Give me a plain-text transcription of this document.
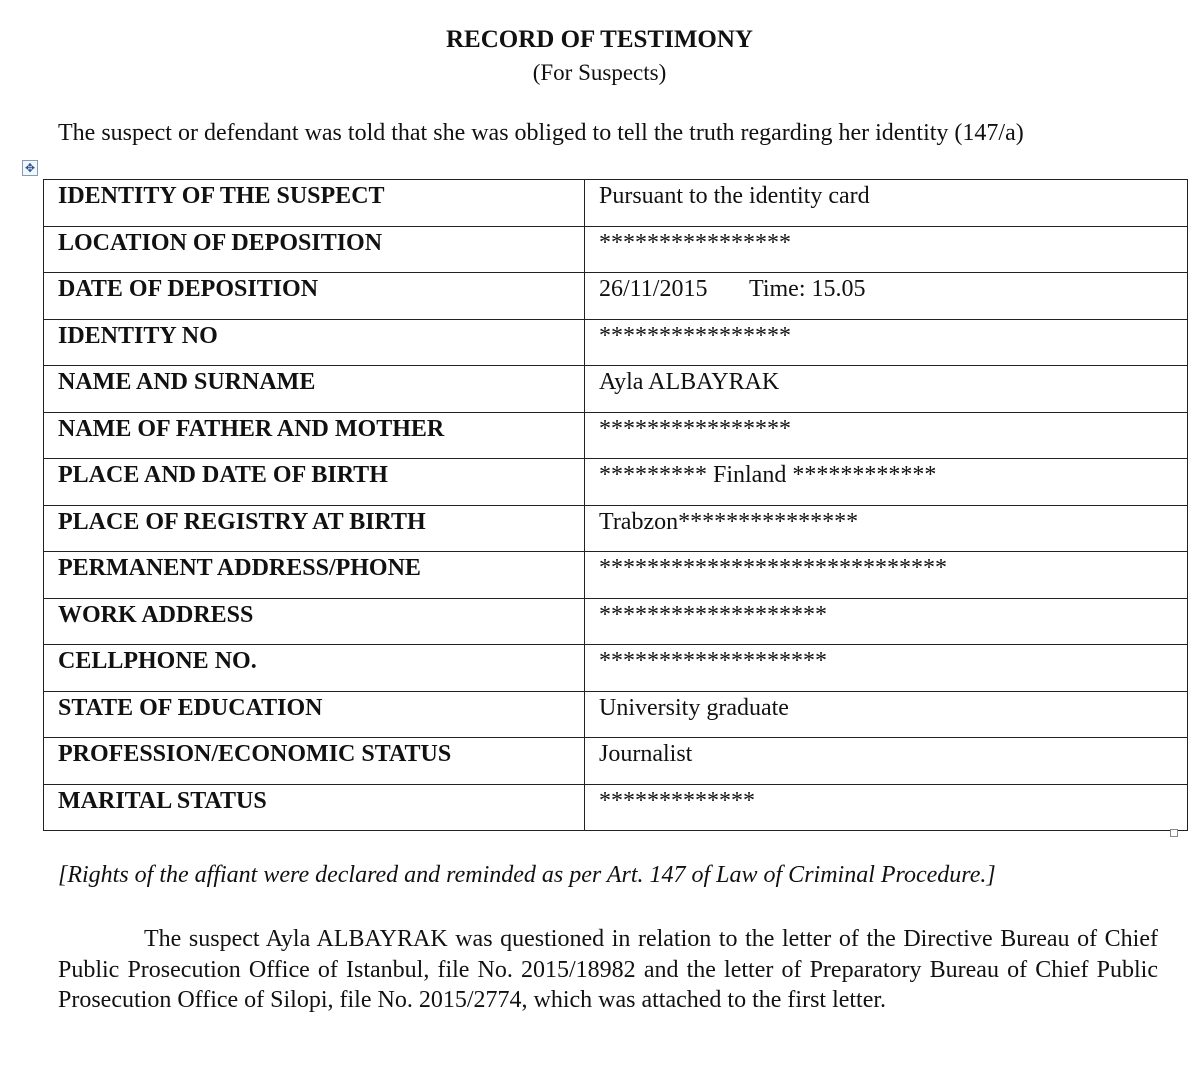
RECORD OF TESTIMONY
(For Suspects)
The suspect or defendant was told that she was obliged to tell the truth regarding her identity (147/a)
✥
IDENTITY OF THE SUSPECT	Pursuant to the identity card
LOCATION OF DEPOSITION	****************
DATE OF DEPOSITION	26/11/2015       Time: 15.05
IDENTITY NO	****************
NAME AND SURNAME	Ayla ALBAYRAK
NAME OF FATHER AND MOTHER	****************
PLACE AND DATE OF BIRTH	********* Finland ************
PLACE OF REGISTRY AT BIRTH	Trabzon***************
PERMANENT ADDRESS/PHONE	*****************************
WORK ADDRESS	*******************
CELLPHONE NO.	*******************
STATE OF EDUCATION	University graduate
PROFESSION/ECONOMIC STATUS	Journalist
MARITAL STATUS	*************
[Rights of the affiant were declared and reminded as per Art. 147 of Law of Criminal Procedure.]
The suspect Ayla ALBAYRAK was questioned in relation to the letter of the Directive Bureau of Chief Public Prosecution Office of Istanbul, file No. 2015/18982 and the letter of Preparatory Bureau of Chief Public Prosecution Office of Silopi, file No. 2015/2774, which was attached to the first letter.
